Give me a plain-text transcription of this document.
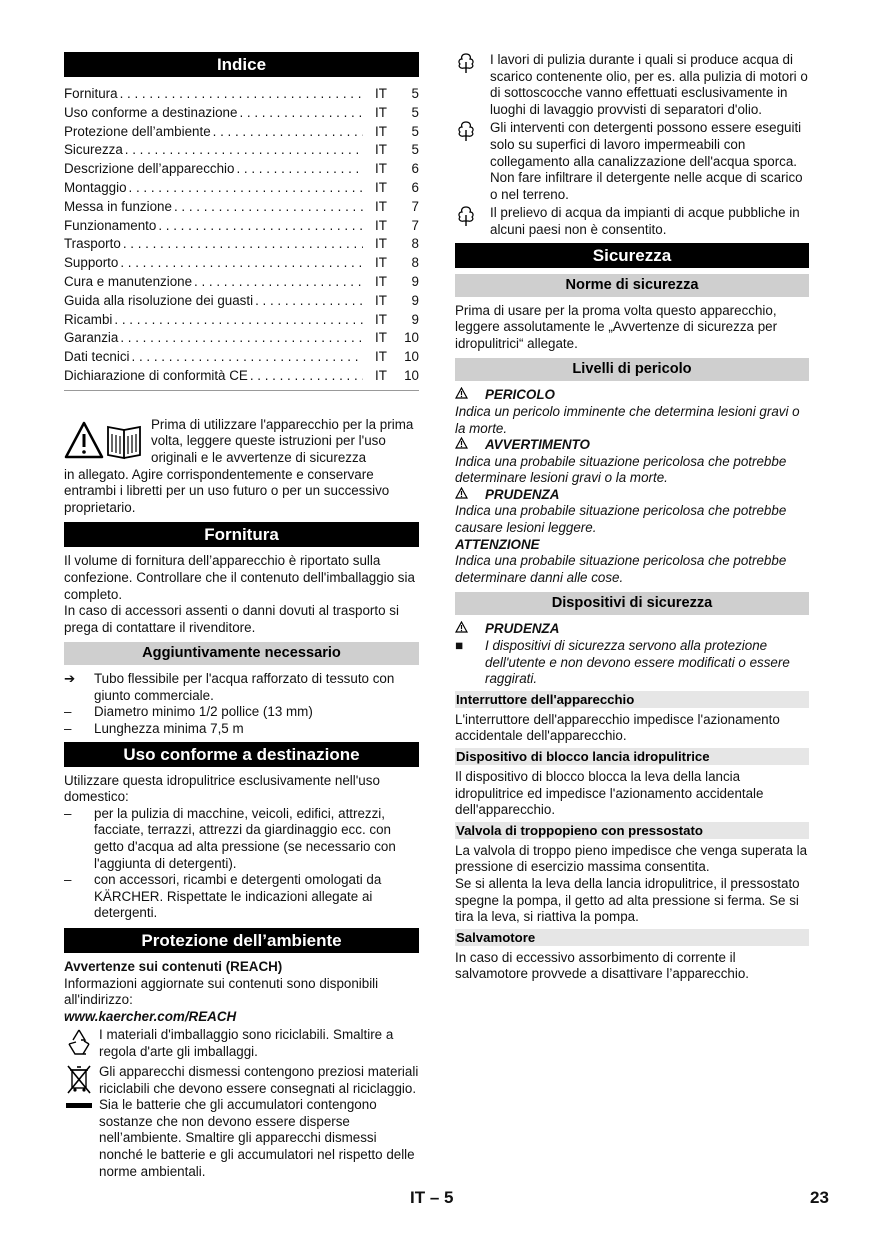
Indice
Fornitura . . .	IT	5
Uso conforme a destinazione . . .	IT	5
Protezione dell’ambiente . . .	IT	5
Sicurezza . . .	IT	5
Descrizione dell’apparecchio . . .	IT	6
Montaggio . . .	IT	6
Messa in funzione . . .	IT	7
Funzionamento . . .	IT	7
Trasporto . . .	IT	8
Supporto . . .	IT	8
Cura e manutenzione . . .	IT	9
Guida alla risoluzione dei guasti . . .	IT	9
Ricambi . . .	IT	9
Garanzia . . .	IT	10
Dati tecnici . . .	IT	10
Dichiarazione di conformità CE . . .	IT	10

Prima di utilizzare l'apparecchio per la prima volta, leggere queste istruzioni per l'uso originali e le avvertenze di sicurezza

in allegato. Agire corrispondentemente e conservare entrambi i libretti per un uso futuro o per un successivo proprietario.

Fornitura

Il volume di fornitura dell’apparecchio è riportato sulla confezione. Controllare che il contenuto dell'imballaggio sia completo.

In caso di accessori assenti o danni dovuti al trasporto si prega di contattare il rivenditore.

Aggiuntivamente necessario
➔	Tubo flessibile per l'acqua rafforzato di tessuto con giunto commerciale.
–	Diametro minimo 1/2 pollice (13 mm)
–	Lunghezza minima 7,5 m
Uso conforme a destinazione

Utilizzare questa idropulitrice esclusivamente nell'uso domestico:

–	per la pulizia di macchine, veicoli, edifici, attrezzi, facciate, terrazzi, attrezzi da giardinaggio ecc. con getto d'acqua ad alta pressione (se necessario con l'aggiunta di detergenti).
–	con accessori, ricambi e detergenti omologati da KÄRCHER. Rispettate le indicazioni allegate ai detergenti.
Protezione dell’ambiente

Avvertenze sui contenuti (REACH)

Informazioni aggiornate sui contenuti sono disponibili all'indirizzo:

www.kaercher.com/REACH

I materiali d'imballaggio sono riciclabili. Smaltire a regola d'arte gli imballaggi.

Gli apparecchi dismessi contengono preziosi materiali riciclabili che devono essere consegnati al riciclaggio. Sia le batterie che gli accumulatori contengono sostanze che non devono essere disperse nell’ambiente. Smaltire gli apparecchi dismessi nonché le batterie e gli accumulatori nel rispetto delle norme ambientali.

I lavori di pulizia durante i quali si produce acqua di scarico contenente olio, per es. alla pulizia di motori o di sottoscocche vanno effettuati esclusivamente in luoghi di lavaggio provvisti di separatori d'olio.

Gli interventi con detergenti possono essere eseguiti solo su superfici di lavoro impermeabili con collegamento alla canalizzazione dell'acqua sporca. Non fare infiltrare il detergente nelle acque di scarico o nel terreno.

Il prelievo di acqua da impianti di acque pubbliche in alcuni paesi non è consentito.

Sicurezza
Norme di sicurezza

Prima di usare per la proma volta questo apparecchio, leggere assolutamente le „Avvertenze di sicurezza per idropulitrici“ allegate.

Livelli di pericolo
PERICOLO

Indica un pericolo imminente che determina lesioni gravi o la morte.

AVVERTIMENTO

Indica una probabile situazione pericolosa che potrebbe determinare lesioni gravi o la morte.

PRUDENZA

Indica una probabile situazione pericolosa che potrebbe causare lesioni leggere.

ATTENZIONE

Indica una probabile situazione pericolosa che potrebbe determinare danni alle cose.

Dispositivi di sicurezza
PRUDENZA
■	I dispositivi di sicurezza servono alla protezione dell'utente e non devono essere modificati o essere raggirati.
Interruttore dell'apparecchio

L'interruttore dell'apparecchio impedisce l'azionamento accidentale dell'apparecchio.

Dispositivo di blocco lancia idropulitrice

Il dispositivo di blocco blocca la leva della lancia idropulitrice ed impedisce l'azionamento accidentale dell'apparecchio.

Valvola di troppopieno con pressostato

La valvola di troppo pieno impedisce che venga superata la pressione di esercizio massima consentita.

Se si allenta la leva della lancia idropulitrice, il pressostato spegne la pompa, il getto ad alta pressione si ferma. Se si tira la leva, si riattiva la pompa.

Salvamotore

In caso di eccessivo assorbimento di corrente il salvamotore provvede a disattivare l’apparecchio.

IT – 5	23
